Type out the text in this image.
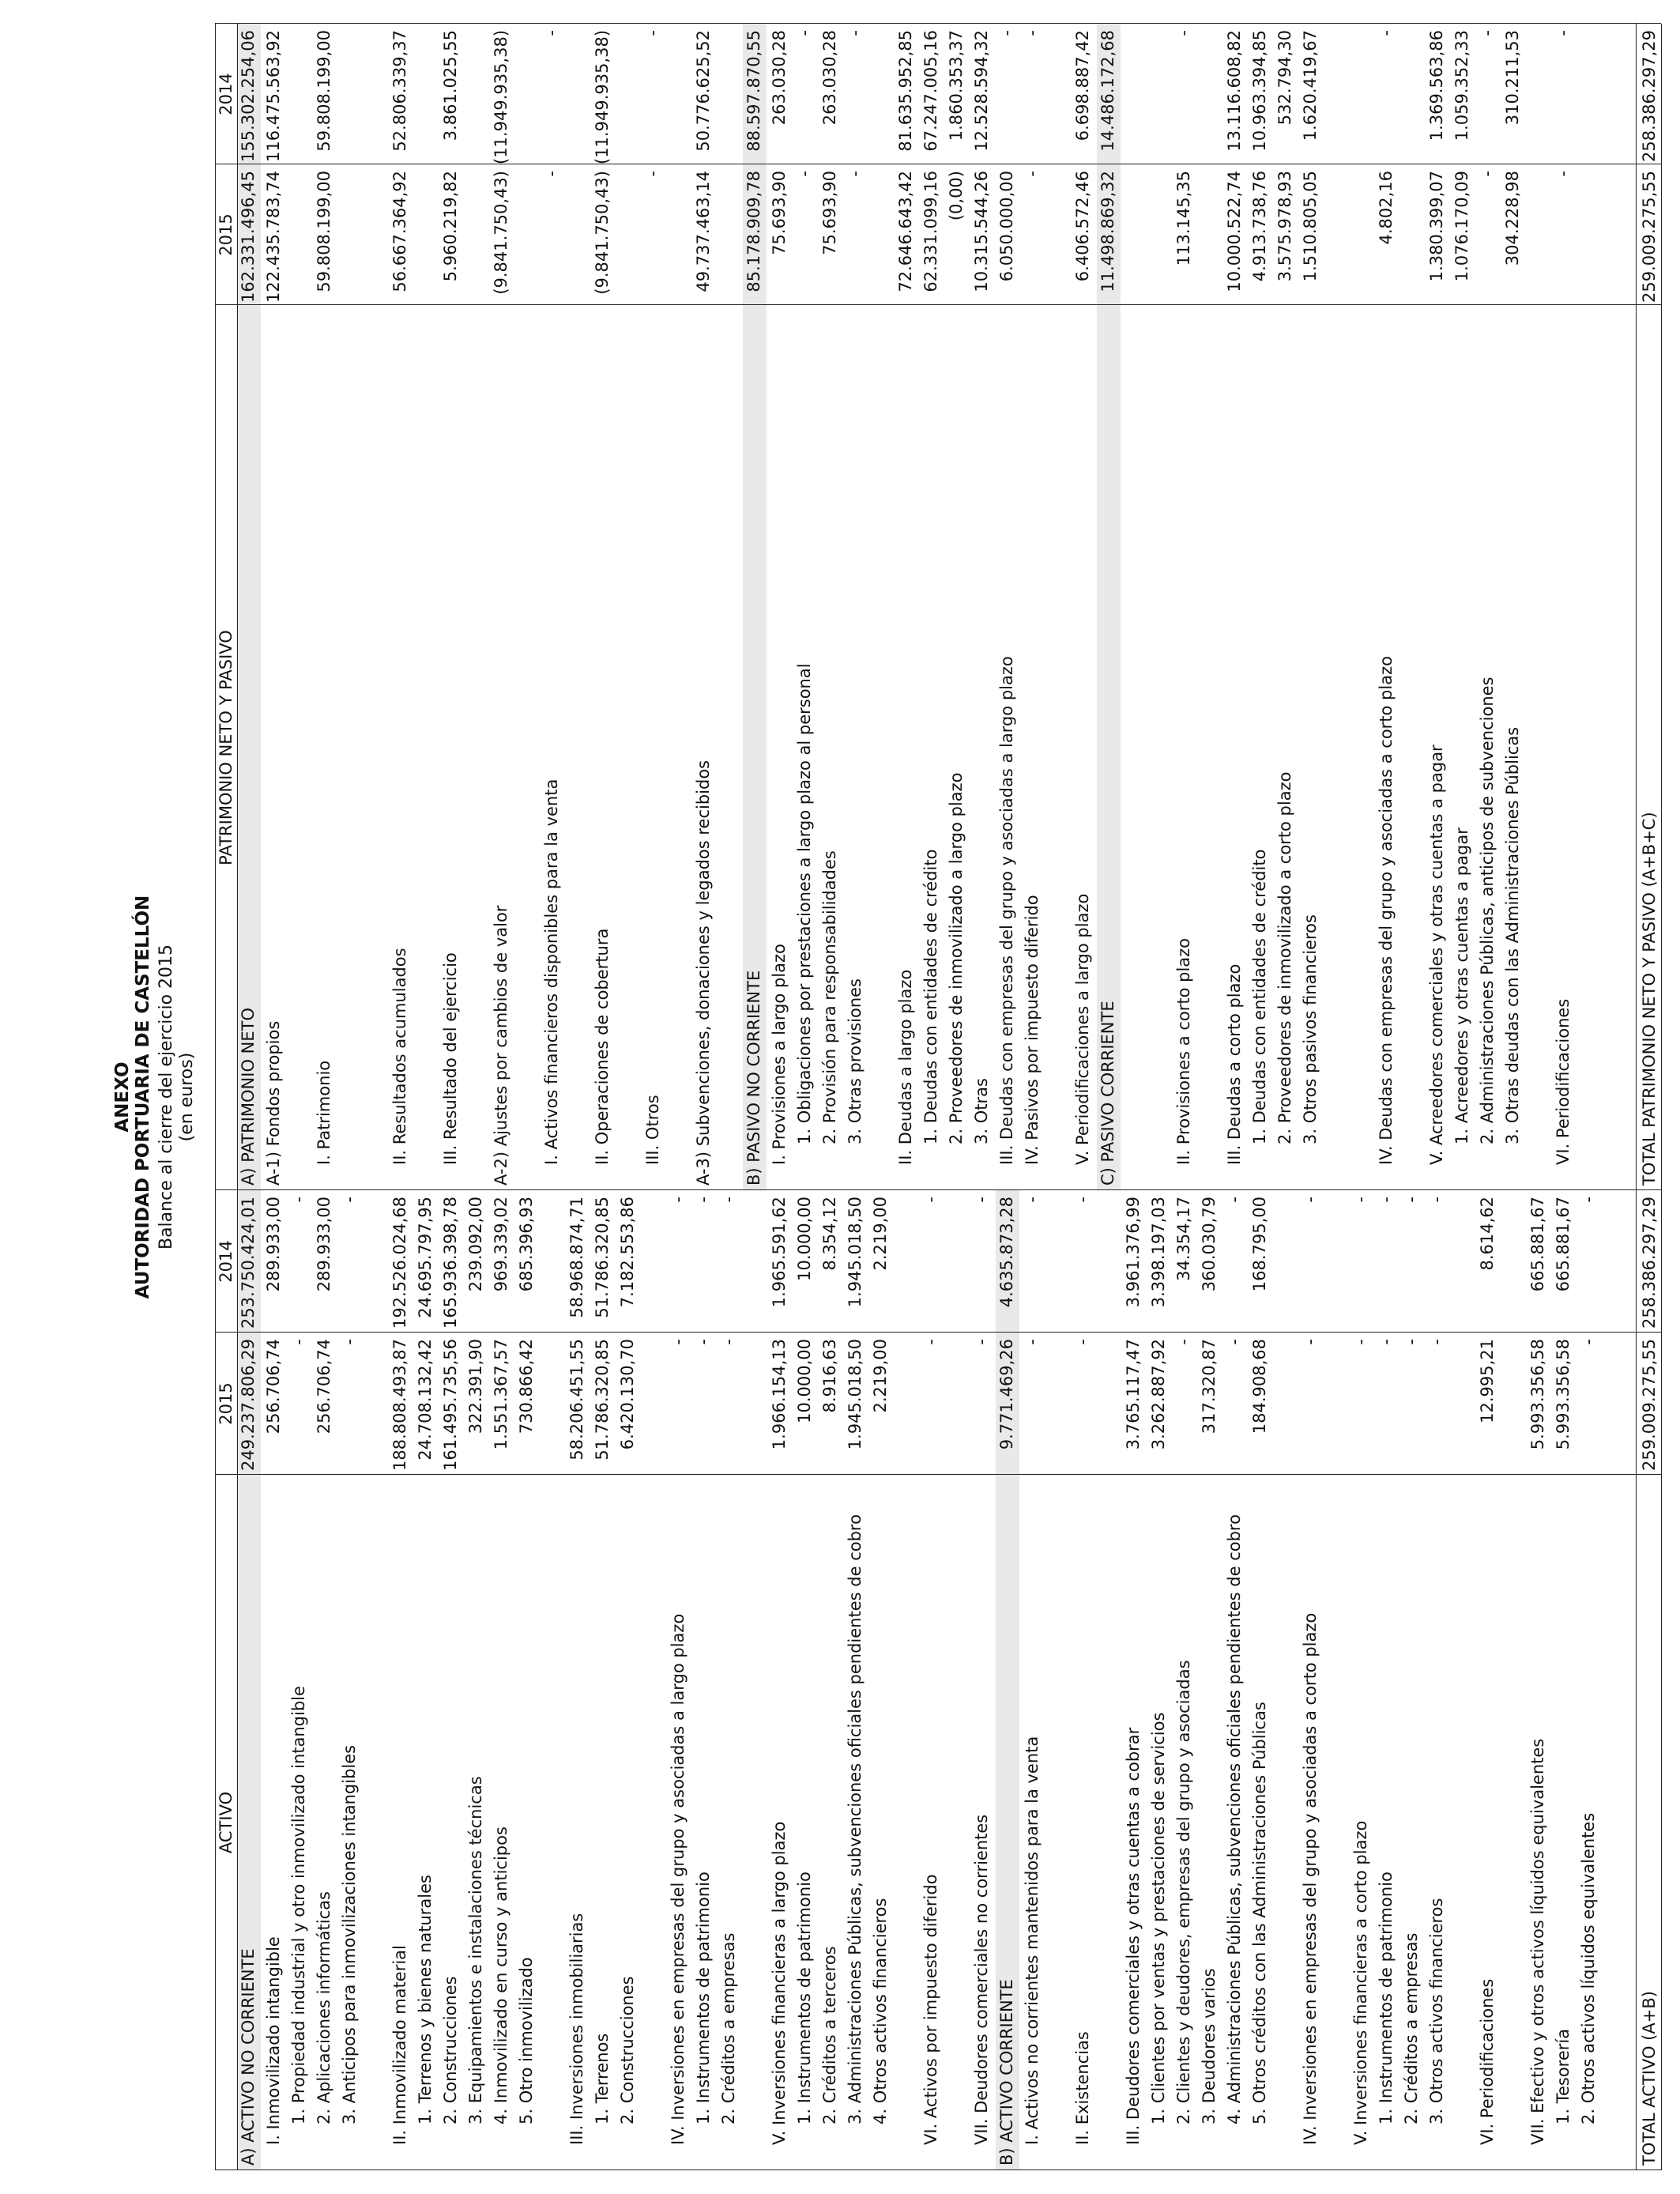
ANEXO AUTORIDAD PORTUARIA DE CASTELLÓN Balance al cierre del ejercicio 2015 (en euros)
ACTIVO
2015
2014
PATRIMONIO NETO Y PASIVO
2015
2014
TOTAL ACTIVO (A+B)
259.009.275,55
258.386.297,29
TOTAL PATRIMONIO NETO Y PASIVO (A+B+C)
259.009.275,55
258.386.297,29
A) ACTIVO NO CORRIENTE
249.237.806,29
253.750.424,01
I. Inmovilizado intangible
256.706,74
289.933,00
1. Propiedad industrial y otro inmovilizado intangible
-
-
2. Aplicaciones informáticas
256.706,74
289.933,00
3. Anticipos para inmovilizaciones intangibles
-
-
II. Inmovilizado material
188.808.493,87
192.526.024,68
1. Terrenos y bienes naturales
24.708.132,42
24.695.797,95
2. Construcciones
161.495.735,56
165.936.398,78
3. Equipamientos e instalaciones técnicas
322.391,90
239.092,00
4. Inmovilizado en curso y anticipos
1.551.367,57
969.339,02
5. Otro inmovilizado
730.866,42
685.396,93
III. Inversiones inmobiliarias
58.206.451,55
58.968.874,71
1. Terrenos
51.786.320,85
51.786.320,85
2. Construcciones
6.420.130,70
7.182.553,86
IV. Inversiones en empresas del grupo y asociadas a largo plazo
-
-
1. Instrumentos de patrimonio
-
-
2. Créditos a empresas
-
-
V. Inversiones financieras a largo plazo
1.966.154,13
1.965.591,62
1. Instrumentos de patrimonio
10.000,00
10.000,00
2. Créditos a terceros
8.916,63
8.354,12
3. Administraciones Públicas, subvenciones oficiales pendientes de cobro
1.945.018,50
1.945.018,50
4. Otros activos financieros
2.219,00
2.219,00
VI. Activos por impuesto diferido
-
-
VII. Deudores comerciales no corrientes
-
-
B) ACTIVO CORRIENTE
9.771.469,26
4.635.873,28
I. Activos no corrientes mantenidos para la venta
-
-
II. Existencias
-
-
III. Deudores comerciales y otras cuentas a cobrar
3.765.117,47
3.961.376,99
1. Clientes por ventas y prestaciones de servicios
3.262.887,92
3.398.197,03
2. Clientes y deudores, empresas del grupo y asociadas
-
34.354,17
3. Deudores varios
317.320,87
360.030,79
4. Administraciones Públicas, subvenciones oficiales pendientes de cobro
-
-
5. Otros créditos con las Administraciones Públicas
184.908,68
168.795,00
IV. Inversiones en empresas del grupo y asociadas a corto plazo
-
-
V. Inversiones financieras a corto plazo
-
-
1. Instrumentos de patrimonio
-
-
2. Créditos a empresas
-
-
3. Otros activos financieros
-
-
VI. Periodificaciones
12.995,21
8.614,62
VII. Efectivo y otros activos líquidos equivalentes
5.993.356,58
665.881,67
1. Tesorería
5.993.356,58
665.881,67
2. Otros activos líquidos equivalentes
-
-
A) PATRIMONIO NETO
162.331.496,45
155.302.254,06
A-1) Fondos propios
122.435.783,74
116.475.563,92
I. Patrimonio
59.808.199,00
59.808.199,00
II. Resultados acumulados
56.667.364,92
52.806.339,37
III. Resultado del ejercicio
5.960.219,82
3.861.025,55
A-2) Ajustes por cambios de valor
(9.841.750,43)
(11.949.935,38)
I. Activos financieros disponibles para la venta
-
-
II. Operaciones de cobertura
(9.841.750,43)
(11.949.935,38)
III. Otros
-
-
A-3) Subvenciones, donaciones y legados recibidos
49.737.463,14
50.776.625,52
B) PASIVO NO CORRIENTE
85.178.909,78
88.597.870,55
I. Provisiones a largo plazo
75.693,90
263.030,28
1. Obligaciones por prestaciones a largo plazo al personal
-
-
2. Provisión para responsabilidades
75.693,90
263.030,28
3. Otras provisiones
-
-
II. Deudas a largo plazo
72.646.643,42
81.635.952,85
1. Deudas con entidades de crédito
62.331.099,16
67.247.005,16
2. Proveedores de inmovilizado a largo plazo
(0,00)
1.860.353,37
3. Otras
10.315.544,26
12.528.594,32
III. Deudas con empresas del grupo y asociadas a largo plazo
6.050.000,00
-
IV. Pasivos por impuesto diferido
-
-
V. Periodificaciones a largo plazo
6.406.572,46
6.698.887,42
C) PASIVO CORRIENTE
11.498.869,32
14.486.172,68
II. Provisiones a corto plazo
113.145,35
-
III. Deudas a corto plazo
10.000.522,74
13.116.608,82
1. Deudas con entidades de crédito
4.913.738,76
10.963.394,85
2. Proveedores de inmovilizado a corto plazo
3.575.978,93
532.794,30
3. Otros pasivos financieros
1.510.805,05
1.620.419,67
IV. Deudas con empresas del grupo y asociadas a corto plazo
4.802,16
-
V. Acreedores comerciales y otras cuentas a pagar
1.380.399,07
1.369.563,86
1. Acreedores y otras cuentas a pagar
1.076.170,09
1.059.352,33
2. Administraciones Públicas, anticipos de subvenciones
-
-
3. Otras deudas con las Administraciones Públicas
304.228,98
310.211,53
VI. Periodificaciones
-
-
